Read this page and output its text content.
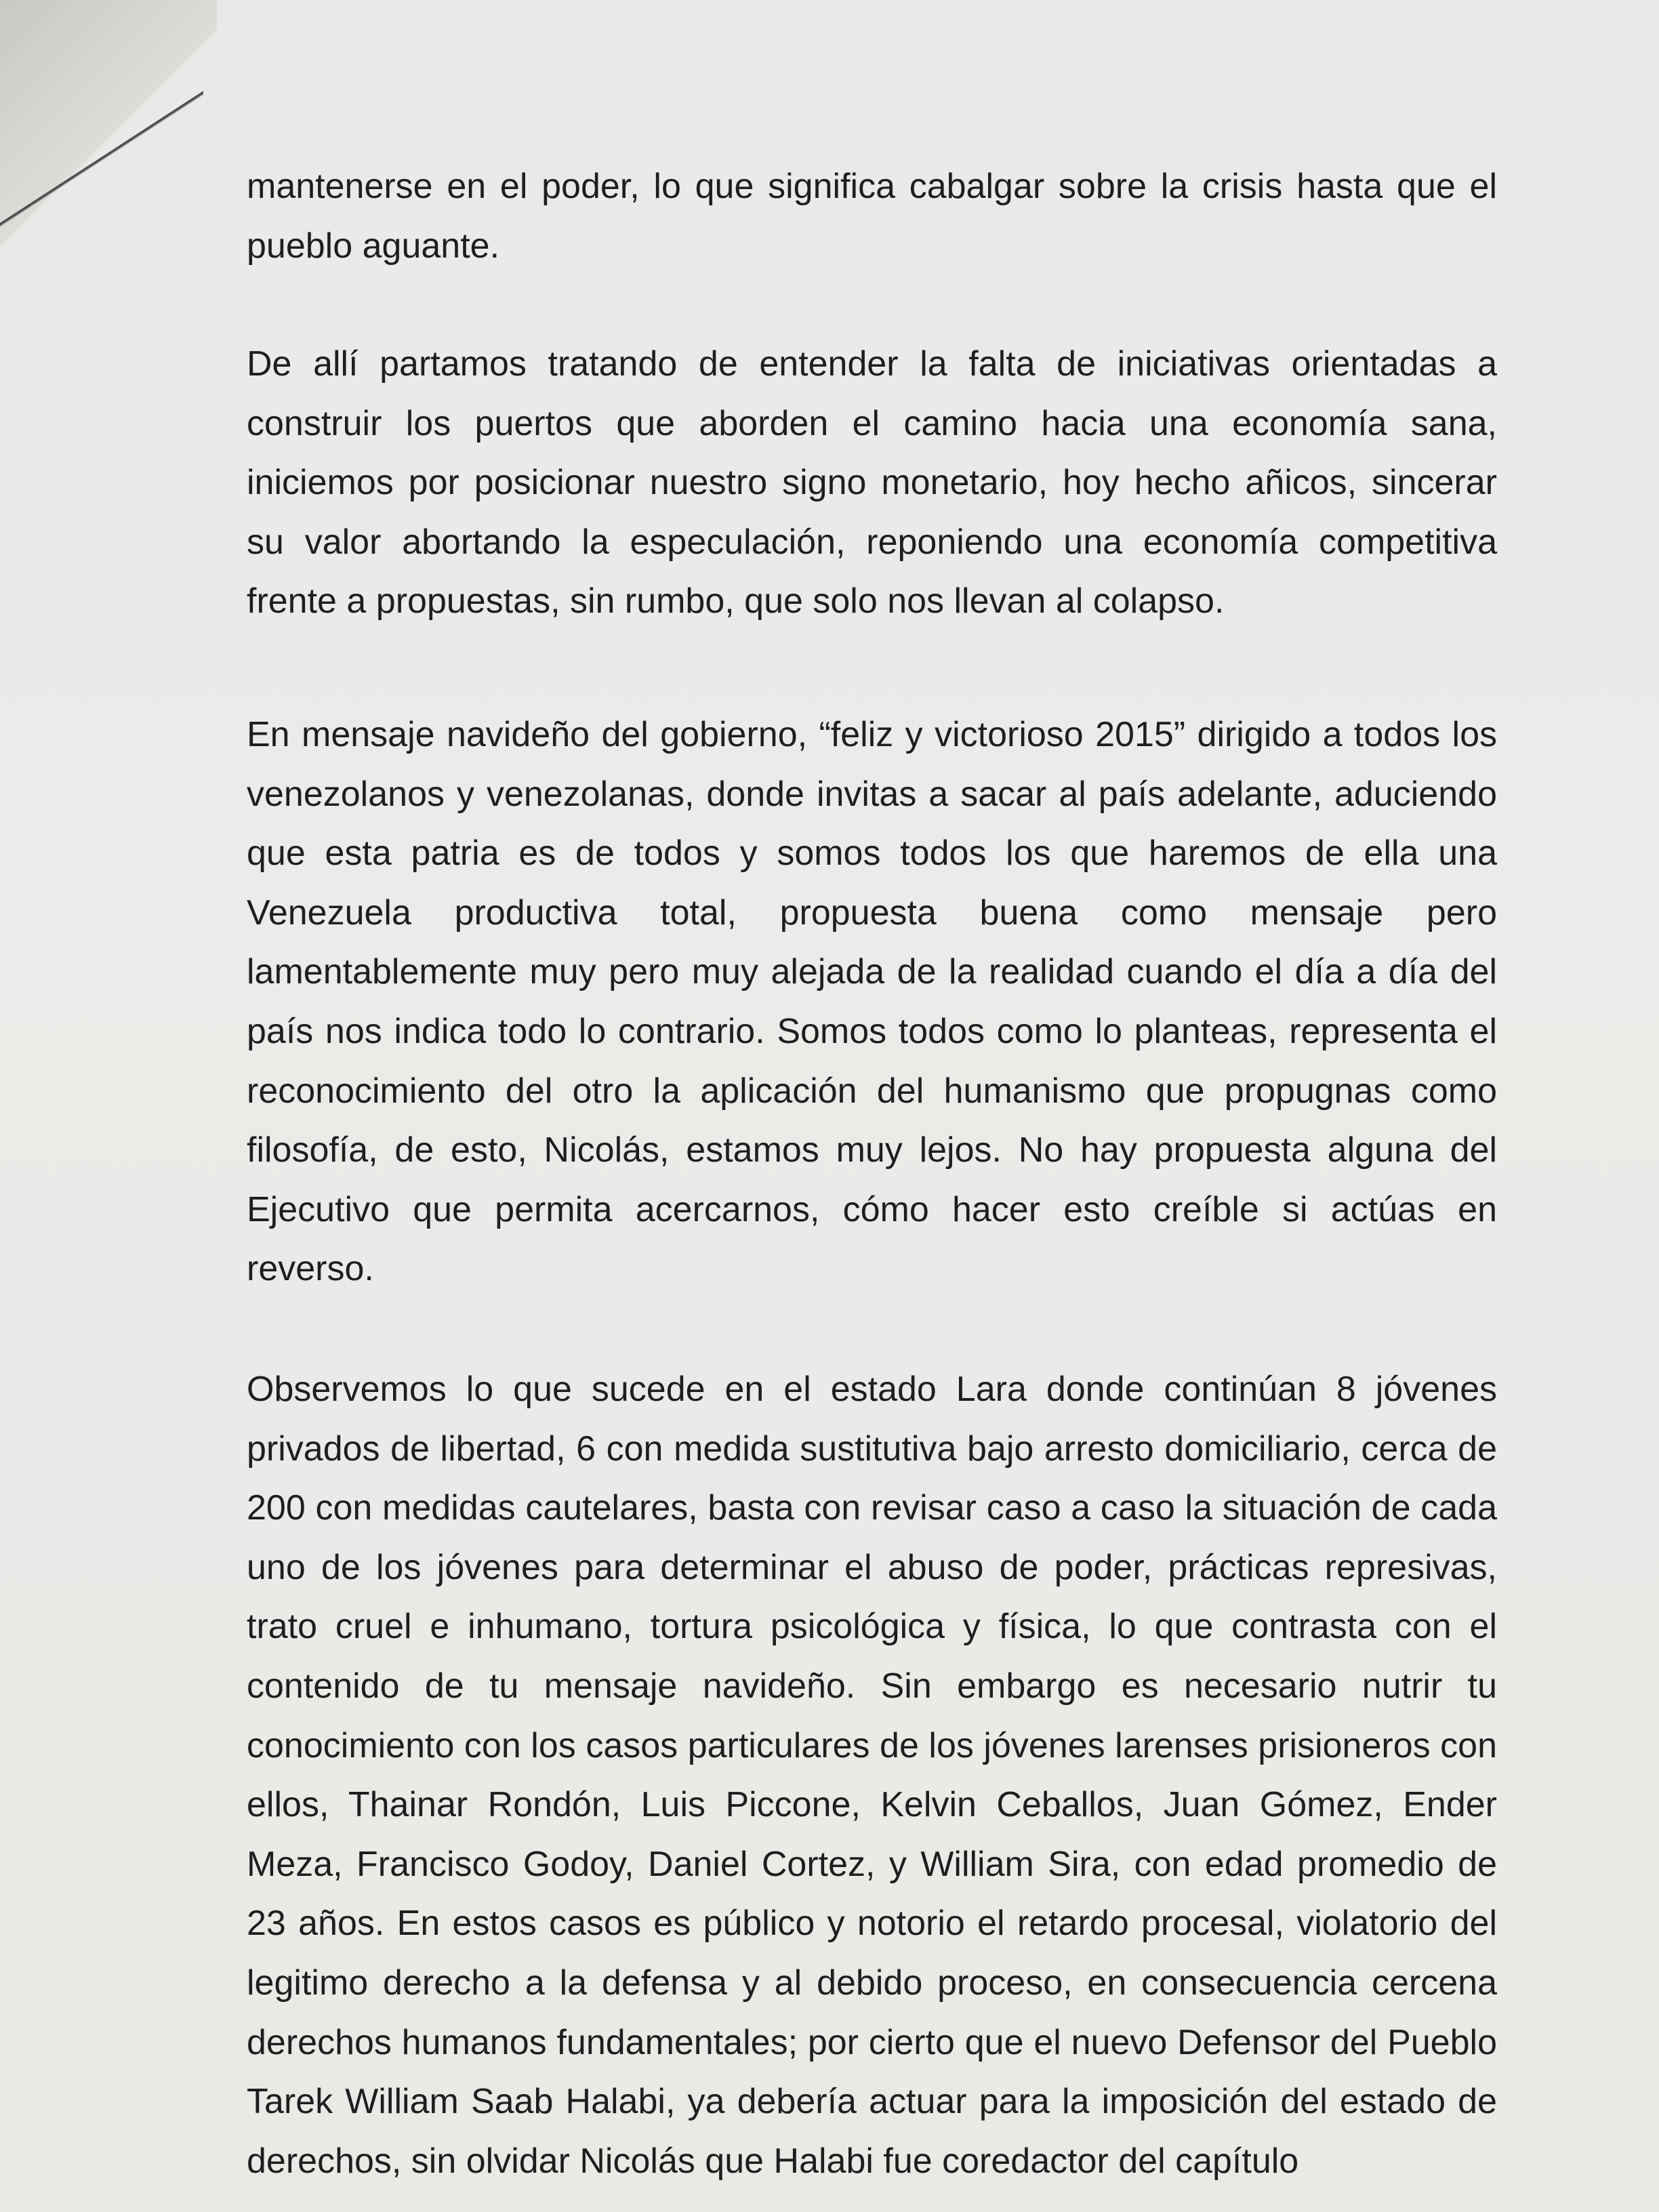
mantenerse en el poder, lo que significa cabalgar sobre la crisis hasta que el pueblo aguante.

De allí partamos tratando de entender la falta de iniciativas orientadas a construir los puertos que aborden el camino hacia una economía sana, iniciemos por posicionar nuestro signo monetario, hoy hecho añicos, sincerar su valor abortando la especulación, reponiendo una economía competitiva frente a propuestas, sin rumbo, que solo nos llevan al colapso.

En mensaje navideño del gobierno, “feliz y victorioso 2015” dirigido a todos los venezolanos y venezolanas, donde invitas a sacar al país adelante, aduciendo que esta patria es de todos y somos todos los que haremos de ella una Venezuela productiva total, propuesta buena como mensaje pero lamentablemente muy pero muy alejada de la realidad cuando el día a día del país nos indica todo lo contrario. Somos todos como lo planteas, representa el reconocimiento del otro la aplicación del humanismo que propugnas como filosofía, de esto, Nicolás, estamos muy lejos. No hay propuesta alguna del Ejecutivo que permita acercarnos, cómo hacer esto creíble si actúas en reverso.

Observemos lo que sucede en el estado Lara donde continúan 8 jóvenes privados de libertad, 6 con medida sustitutiva bajo arresto domiciliario, cerca de 200 con medidas cautelares, basta con revisar caso a caso la situación de cada uno de los jóvenes para determinar el abuso de poder, prácticas represivas, trato cruel e inhumano, tortura psicológica y física, lo que contrasta con el contenido de tu mensaje navideño. Sin embargo es necesario nutrir tu conocimiento con los casos particulares de los jóvenes larenses prisioneros con ellos, Thainar Rondón, Luis Piccone, Kelvin Ceballos, Juan Gómez, Ender Meza, Francisco Godoy, Daniel Cortez, y William Sira, con edad promedio de 23 años. En estos casos es público y notorio el retardo procesal, violatorio del legitimo derecho a la defensa y al debido proceso, en consecuencia cercena derechos humanos fundamentales; por cierto que el nuevo Defensor del Pueblo Tarek William Saab Halabi, ya debería actuar para la imposición del estado de derechos, sin olvidar Nicolás que Halabi fue coredactor del capítulo
